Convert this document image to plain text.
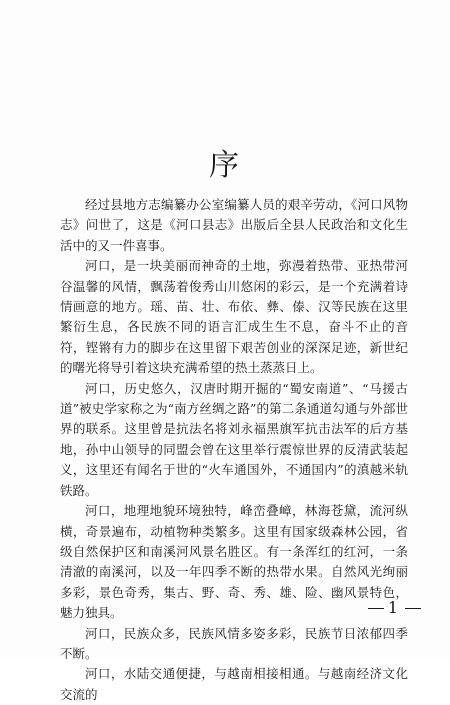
序

经过县地方志编纂办公室编纂人员的艰辛劳动，《河口风物志》问世了，这是《河口县志》出版后全县人民政治和文化生活中的又一件喜事。

河口，是一块美丽而神奇的土地，弥漫着热带、亚热带河谷温馨的风情，飘荡着俊秀山川悠闲的彩云，是一个充满着诗情画意的地方。瑶、苗、壮、布依、彝、傣、汉等民族在这里繁衍生息，各民族不同的语言汇成生生不息，奋斗不止的音符，铿锵有力的脚步在这里留下艰苦创业的深深足迹，新世纪的曙光将导引着这块充满希望的热土蒸蒸日上。

河口，历史悠久，汉唐时期开掘的“蜀安南道”、“马援古道”被史学家称之为“南方丝绸之路”的第二条通道勾通与外部世界的联系。这里曾是抗法名将刘永福黑旗军抗击法军的后方基地，孙中山领导的同盟会曾在这里举行震惊世界的反清武装起义，这里还有闻名于世的“火车通国外，不通国内”的滇越米轨铁路。

河口，地理地貌环境独特，峰峦叠嶂，林海苍黛，流河纵横，奇景遍布，动植物种类繁多。这里有国家级森林公园，省级自然保护区和南溪河风景名胜区。有一条浑红的红河，一条清澈的南溪河，以及一年四季不断的热带水果。自然风光绚丽多彩，景色奇秀，集古、野、奇、秀、雄、险、幽风景特色，魅力独具。

河口，民族众多，民族风情多姿多彩，民族节日浓郁四季不断。

河口，水陆交通便捷，与越南相接相通。与越南经济文化交流的

1
